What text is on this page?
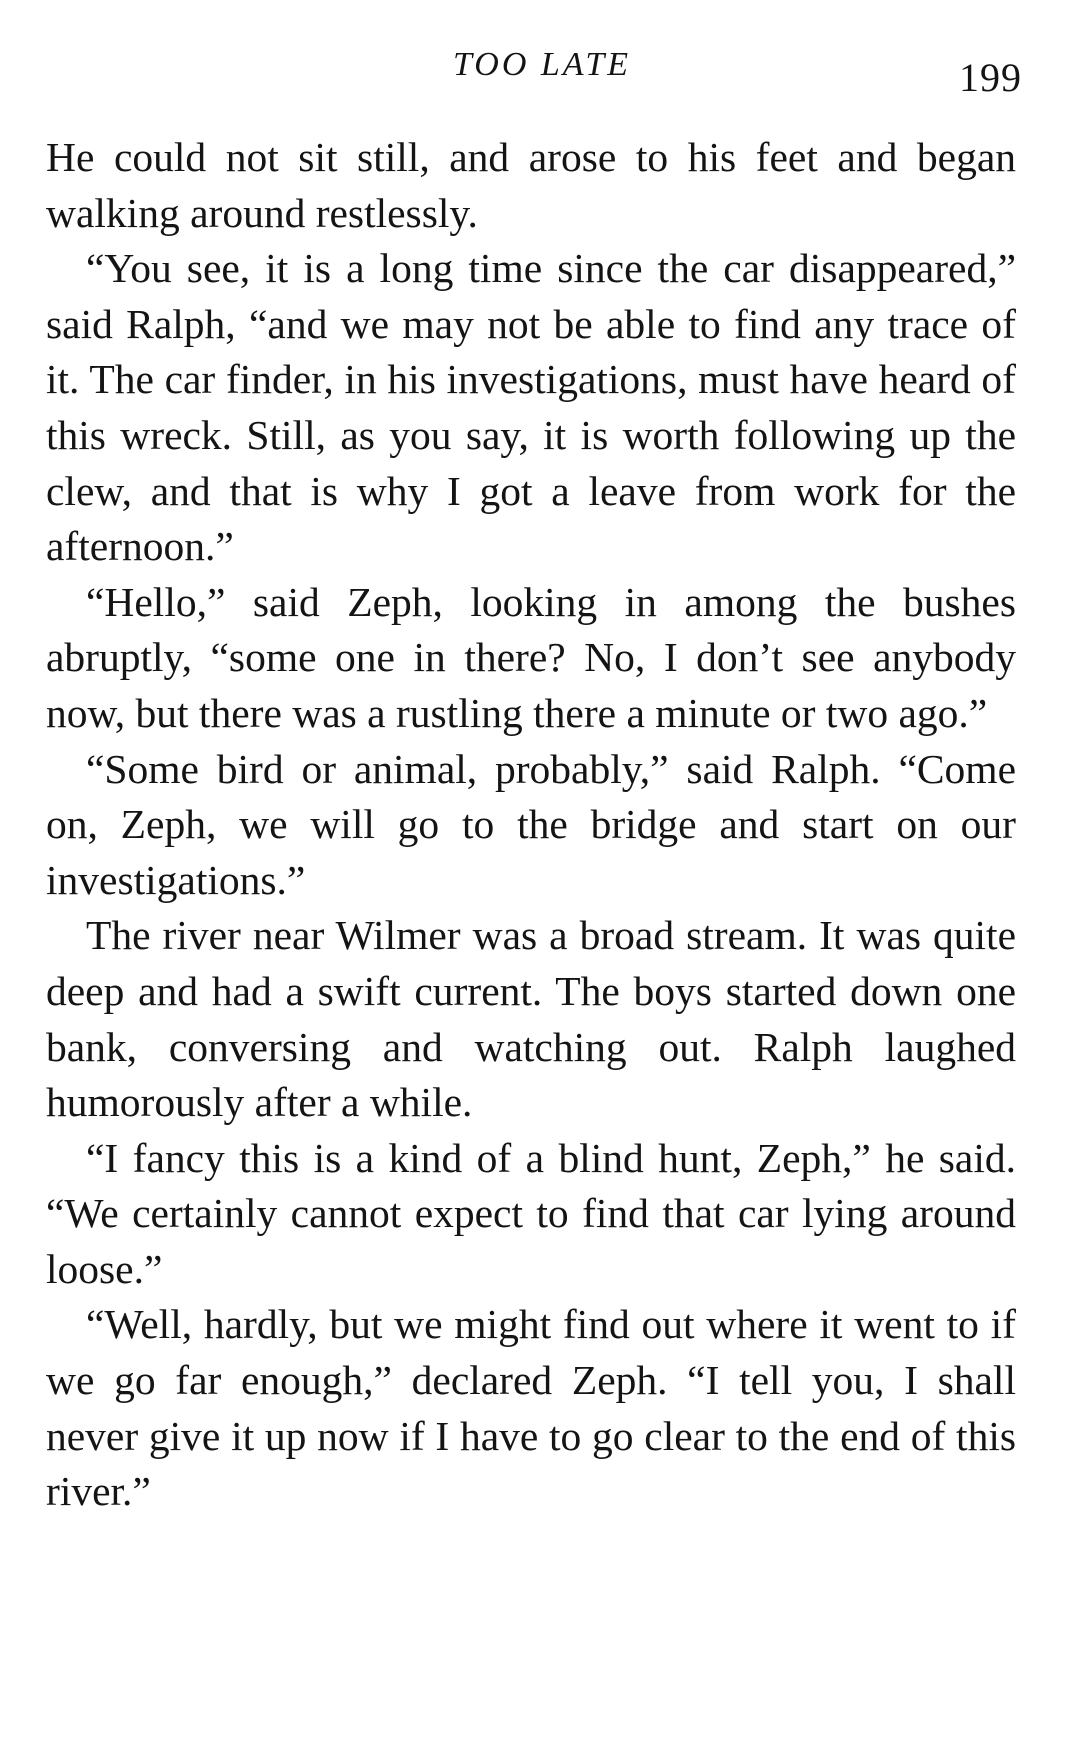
TOO LATE	199

He could not sit still, and arose to his feet and began walking around restlessly.

“You see, it is a long time since the car disappeared,” said Ralph, “and we may not be able to find any trace of it. The car finder, in his investigations, must have heard of this wreck. Still, as you say, it is worth following up the clew, and that is why I got a leave from work for the afternoon.”

“Hello,” said Zeph, looking in among the bushes abruptly, “some one in there? No, I don’t see anybody now, but there was a rustling there a minute or two ago.”

“Some bird or animal, probably,” said Ralph. “Come on, Zeph, we will go to the bridge and start on our investigations.”

The river near Wilmer was a broad stream. It was quite deep and had a swift current. The boys started down one bank, conversing and watching out. Ralph laughed humorously after a while.

“I fancy this is a kind of a blind hunt, Zeph,” he said. “We certainly cannot expect to find that car lying around loose.”

“Well, hardly, but we might find out where it went to if we go far enough,” declared Zeph. “I tell you, I shall never give it up now if I have to go clear to the end of this river.”
